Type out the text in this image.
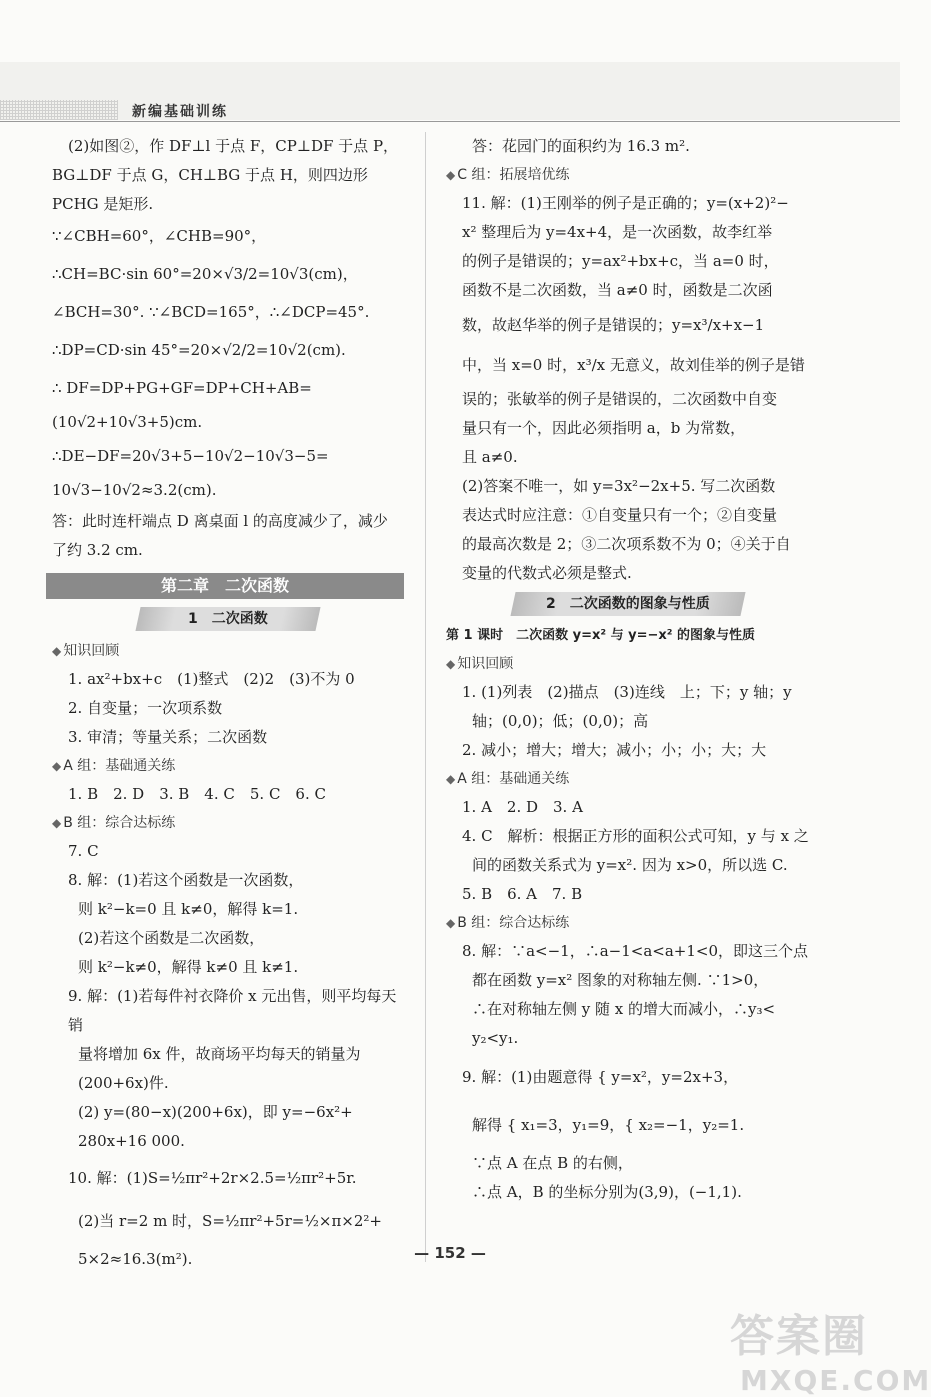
新编基础训练

(2)如图②，作 DF⊥l 于点 F，CP⊥DF 于点 P，

BG⊥DF 于点 G，CH⊥BG 于点 H，则四边形

PCHG 是矩形.

∵∠CBH=60°，∠CHB=90°，

∴CH=BC·sin 60°=20×√3/2=10√3(cm)，

∠BCH=30°. ∵∠BCD=165°，∴∠DCP=45°.

∴DP=CD·sin 45°=20×√2/2=10√2(cm).

∴ DF=DP+PG+GF=DP+CH+AB=

(10√2+10√3+5)cm.

∴DE−DF=20√3+5−10√2−10√3−5=

10√3−10√2≈3.2(cm).

答：此时连杆端点 D 离桌面 l 的高度减少了，减少

了约 3.2 cm.

第二章　二次函数
1　二次函数
◆ 知识回顾

1. ax²+bx+c　(1)整式　(2)2　(3)不为 0

2. 自变量；一次项系数

3. 审清；等量关系；二次函数

◆ A 组：基础通关练

1. B　2. D　3. B　4. C　5. C　6. C

◆ B 组：综合达标练

7. C

8. 解：(1)若这个函数是一次函数，

则 k²−k=0 且 k≠0，解得 k=1.

(2)若这个函数是二次函数，

则 k²−k≠0，解得 k≠0 且 k≠1.

9. 解：(1)若每件衬衣降价 x 元出售，则平均每天销

量将增加 6x 件，故商场平均每天的销量为

(200+6x)件.

(2) y=(80−x)(200+6x)，即 y=−6x²+

280x+16 000.

10. 解：(1)S=½πr²+2r×2.5=½πr²+5r.

(2)当 r=2 m 时，S=½πr²+5r=½×π×2²+

5×2≈16.3(m²).

答：花园门的面积约为 16.3 m².

◆ C 组：拓展培优练

11. 解：(1)王刚举的例子是正确的；y=(x+2)²−

x² 整理后为 y=4x+4，是一次函数，故李红举

的例子是错误的；y=ax²+bx+c，当 a=0 时，

函数不是二次函数，当 a≠0 时，函数是二次函

数，故赵华举的例子是错误的；y=x³/x+x−1

中，当 x=0 时，x³/x 无意义，故刘佳举的例子是错

误的；张敏举的例子是错误的，二次函数中自变

量只有一个，因此必须指明 a，b 为常数，

且 a≠0.

(2)答案不唯一，如 y=3x²−2x+5. 写二次函数

表达式时应注意：①自变量只有一个；②自变量

的最高次数是 2；③二次项系数不为 0；④关于自

变量的代数式必须是整式.

2　二次函数的图象与性质
第 1 课时　二次函数 y=x² 与 y=−x² 的图象与性质
◆ 知识回顾

1. (1)列表　(2)描点　(3)连线　上；下；y 轴；y

轴；(0,0)；低；(0,0)；高

2. 减小；增大；增大；减小；小；小；大；大

◆ A 组：基础通关练

1. A　2. D　3. A

4. C　解析：根据正方形的面积公式可知，y 与 x 之

间的函数关系式为 y=x². 因为 x>0，所以选 C.

5. B　6. A　7. B

◆ B 组：综合达标练

8. 解：∵a<−1，∴a−1<a<a+1<0，即这三个点

都在函数 y=x² 图象的对称轴左侧. ∵1>0，

∴在对称轴左侧 y 随 x 的增大而减小，∴y₃<

y₂<y₁.

9. 解：(1)由题意得 { y=x²，y=2x+3，

解得 { x₁=3，y₁=9，{ x₂=−1，y₂=1.

∵点 A 在点 B 的右侧，

∴点 A，B 的坐标分别为(3,9)，(−1,1).

— 152 —
答案圈
MXQE.COM
